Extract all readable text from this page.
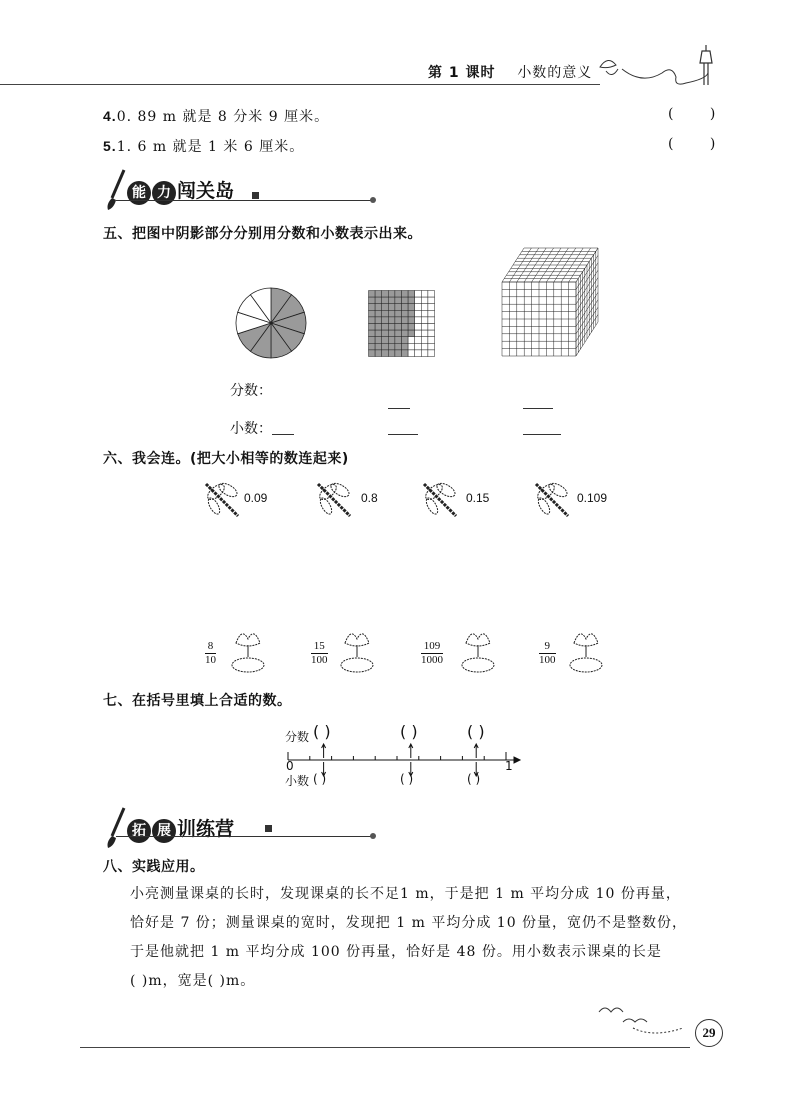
第 1 课时 小数的意义
4.0. 89 m 就是 8 分米 9 厘米。	( )
5.1. 6 m 就是 1 米 6 厘米。	( )
能 力 闯关岛
五、把图中阴影部分分别用分数和小数表示出来。
分数：
小数：
六、我会连。(把大小相等的数连起来)
0.09	0.8	0.15	0.109
$\frac{8}{10}$	$\frac{15}{100}$	$\frac{109}{1000}$	$\frac{9}{100}$
七、在括号里填上合适的数。
分数
小数
0	1
( )	( )	( )
( )	( )	( )
拓 展 训练营
八、实践应用。
小亮测量课桌的长时，发现课桌的长不足1 m，于是把 1 m 平均分成 10 份再量，
恰好是 7 份；测量课桌的宽时，发现把 1 m 平均分成 10 份量，宽仍不是整数份，
于是他就把 1 m 平均分成 100 份再量，恰好是 48 份。用小数表示课桌的长是
( )m，宽是( )m。
29
